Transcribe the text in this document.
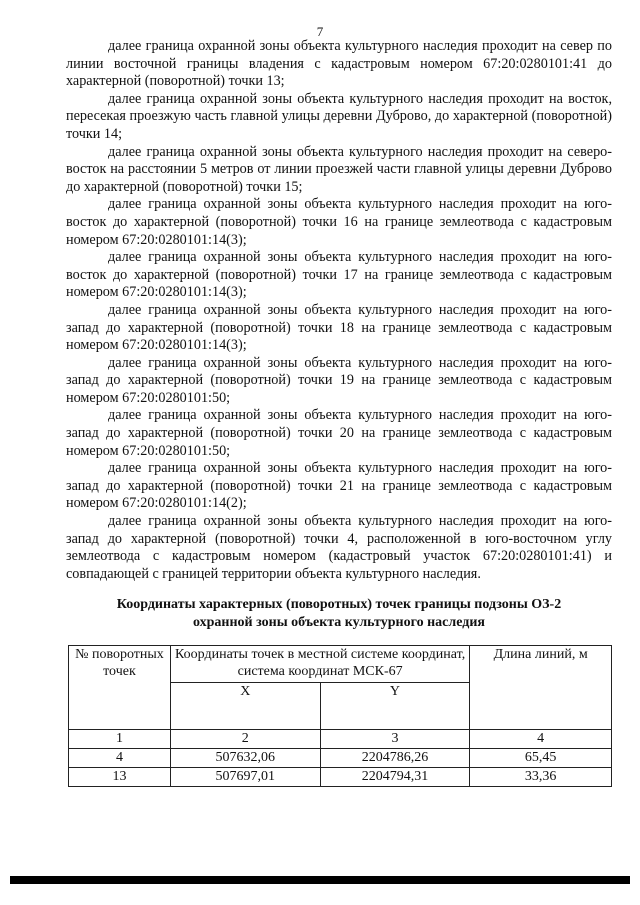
7

далее граница охранной зоны объекта культурного наследия проходит на север по линии восточной границы владения с кадастровым номером 67:20:0280101:41 до характерной (поворотной) точки 13;

далее граница охранной зоны объекта культурного наследия проходит на восток, пересекая проезжую часть главной улицы деревни Дуброво, до характерной (поворотной) точки 14;

далее граница охранной зоны объекта культурного наследия проходит на северо-восток на расстоянии 5 метров от линии проезжей части главной улицы деревни Дуброво до характерной (поворотной) точки 15;

далее граница охранной зоны объекта культурного наследия проходит на юго-восток до характерной (поворотной) точки 16 на границе землеотвода с кадастровым номером 67:20:0280101:14(3);

далее граница охранной зоны объекта культурного наследия проходит на юго-восток до характерной (поворотной) точки 17 на границе землеотвода с кадастровым номером 67:20:0280101:14(3);

далее граница охранной зоны объекта культурного наследия проходит на юго-запад до характерной (поворотной) точки 18 на границе землеотвода с кадастровым номером 67:20:0280101:14(3);

далее граница охранной зоны объекта культурного наследия проходит на юго-запад до характерной (поворотной) точки 19 на границе землеотвода с кадастровым номером 67:20:0280101:50;

далее граница охранной зоны объекта культурного наследия проходит на юго-запад до характерной (поворотной) точки 20 на границе землеотвода с кадастровым номером 67:20:0280101:50;

далее граница охранной зоны объекта культурного наследия проходит на юго-запад до характерной (поворотной) точки 21 на границе землеотвода с кадастровым номером 67:20:0280101:14(2);

далее граница охранной зоны объекта культурного наследия проходит на юго-запад до характерной (поворотной) точки 4, расположенной в юго-восточном углу землеотвода с кадастровым номером (кадастровый участок 67:20:0280101:41) и совпадающей с границей территории объекта культурного наследия.

Координаты характерных (поворотных) точек границы подзоны ОЗ-2
охранной зоны объекта культурного наследия
№ поворотных точек	Координаты точек в местной системе координат, система координат МСК-67		Длина линий, м
	X	Y	
1	2	3	4
4	507632,06	2204786,26	65,45
13	507697,01	2204794,31	33,36
